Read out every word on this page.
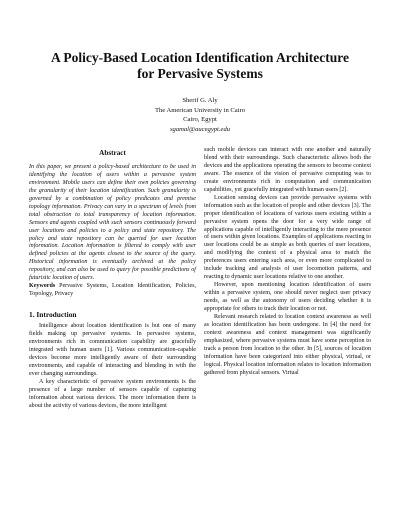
A Policy-Based Location Identification Architecture
for Pervasive Systems
Sherif G. Aly
The American University in Cairo
Cairo, Egypt
sgamal@aucegypt.edu
Abstract

In this paper, we present a policy-based architecture to be used in identifying the location of users within a pervasive system environment. Mobile users can define their own policies governing the granularity of their location identification. Such granularity is governed by a combination of policy predicates and premise topology information. Privacy can vary in a spectrum of levels from total obstruction to total transparency of location information. Sensors and agents coupled with such sensors continuously forward user locations and policies to a policy and state repository. The policy and state repository can be queried for user location information. Location information is filtered to comply with user defined policies at the agents closest to the source of the query. Historical information is eventually archived at the policy repository, and can also be used to query for possible predictions of futuristic location of users.

Keywords Pervasive Systems, Location Identification, Policies, Topology, Privacy

1. Introduction

Intelligence about location identification is but one of many fields making up pervasive systems. In pervasive systems, environments rich in communication capability are gracefully integrated with human users [1]. Various communication-capable devices become more intelligently aware of their surrounding environments, and capable of interacting and blending in with the ever changing surroundings.

A key characteristic of pervasive system environments is the presence of a large number of sensors capable of capturing information about various devices. The more information there is about the activity of various devices, the more intelligent

such mobile devices can interact with one another and naturally blend with their surroundings. Such characteristic allows both the devices and the applications operating the sensors to become context aware. The essence of the vision of pervasive computing was to create environments rich in computation and communication capabilities, yet gracefully integrated with human users [2].

Location sensing devices can provide pervasive systems with information such as the location of people and other devices [3]. The proper identification of locations of various users existing within a pervasive system opens the door for a very wide range of applications capable of intelligently interacting to the mere presence of users within given locations. Examples of applications reacting to user locations could be as simple as both queries of user locations, and modifying the context of a physical area to match the preferences users entering such area, or even more complicated to include tracking and analysis of user locomotion patterns, and reacting to dynamic user locations relative to one another.

However, upon mentioning location identification of users within a pervasive system, one should never neglect user privacy needs, as well as the autonomy of users deciding whether it is appropriate for others to track their location or not.

Relevant research related to location context awareness as well as location identification has been undergone. In [4] the need for context awareness and context management was significantly emphasized, where pervasive systems must have some perception to track a person from location to the other. In [5], sources of location information have been categorized into either physical, virtual, or logical. Physical location information relates to location information gathered from physical sensors. Virtual
